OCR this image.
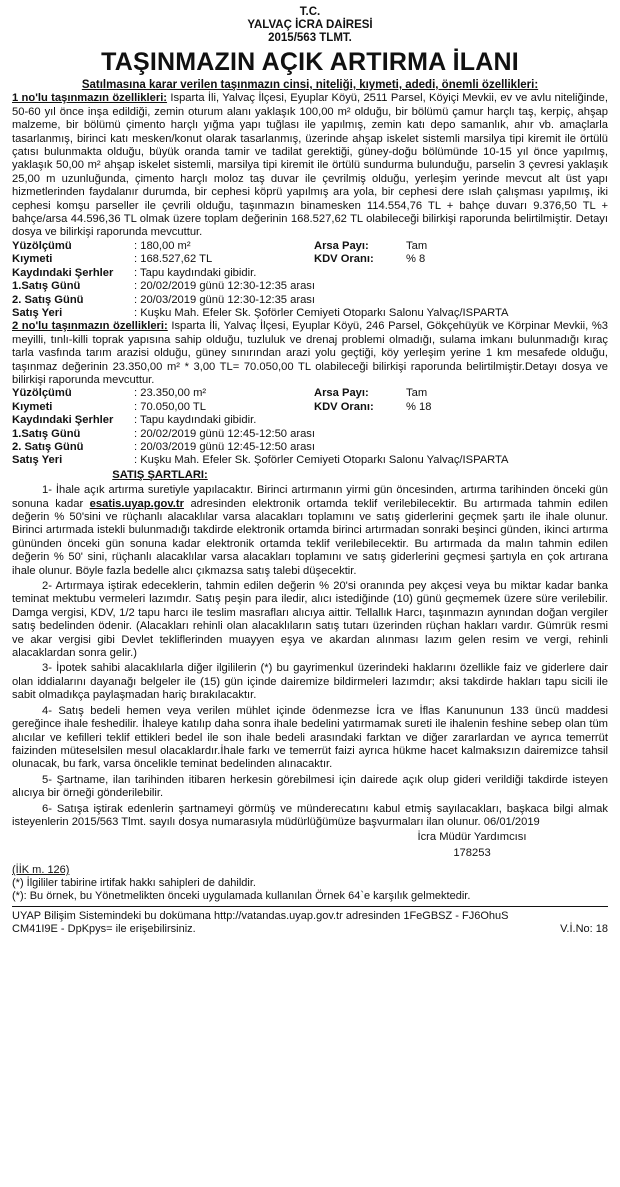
T.C.
YALVAÇ İCRA DAİRESİ
2015/563 TLMT.
TAŞINMAZIN AÇIK ARTIRMA İLANI
Satılmasına karar verilen taşınmazın cinsi, niteliği, kıymeti, adedi, önemli özellikleri:
1 no'lu taşınmazın özellikleri: Isparta İli, Yalvaç İlçesi, Eyuplar Köyü, 2511 Parsel, Köyiçi Mevkii, ev ve avlu niteliğinde, 50-60 yıl önce inşa edildiği, zemin oturum alanı yaklaşık 100,00 m² olduğu, bir bölümü çamur harçlı taş, kerpiç, ahşap malzeme, bir bölümü çimento harçlı yığma yapı tuğlası ile yapılmış, zemin katı depo samanlık, ahır vb. amaçlarla tasarlanmış, birinci katı mesken/konut olarak tasarlanmış, üzerinde ahşap iskelet sistemli marsilya tipi kiremit ile örtülü çatısı bulunmakta olduğu, büyük oranda tamir ve tadilat gerektiği, güney-doğu bölümünde 10-15 yıl önce yapılmış, yaklaşık 50,00 m² ahşap iskelet sistemli, marsilya tipi kiremit ile örtülü sundurma bulunduğu, parselin 3 çevresi yaklaşık 25,00 m uzunluğunda, çimento harçlı moloz taş duvar ile çevrilmiş olduğu, yerleşim yerinde mevcut alt üst yapı hizmetlerinden faydalanır durumda, bir cephesi köprü yapılmış ara yola, bir cephesi dere ıslah çalışması yapılmış, iki cephesi komşu parseller ile çevrili olduğu, taşınmazın binamesken 114.554,76 TL + bahçe duvarı 9.376,50 TL + bahçe/arsa 44.596,36 TL olmak üzere toplam değerinin 168.527,62 TL olabileceği bilirkişi raporunda belirtilmiştir. Detayı dosya ve bilirkişi raporunda mevcuttur.
Yüzölçümü	: 180,00 m²	Arsa Payı:	Tam
Kıymeti	: 168.527,62 TL	KDV Oranı:	% 8
Kaydındaki Şerhler	: Tapu kaydındaki gibidir.
1.Satış Günü	: 20/02/2019 günü 12:30-12:35 arası
2. Satış Günü	: 20/03/2019 günü 12:30-12:35 arası
Satış Yeri	: Kuşku Mah. Efeler Sk. Şoförler Cemiyeti Otoparkı Salonu Yalvaç/ISPARTA
2 no'lu taşınmazın özellikleri: Isparta İli, Yalvaç İlçesi, Eyuplar Köyü, 246 Parsel, Gökçehüyük ve Körpinar Mevkii, %3 meyilli, tınlı-killi toprak yapısına sahip olduğu, tuzluluk ve drenaj problemi olmadığı, sulama imkanı bulunmadığı kıraç tarla vasfında tarım arazisi olduğu, güney sınırından arazi yolu geçtiği, köy yerleşim yerine 1 km mesafede olduğu, taşınmaz değerinin 23.350,00 m² * 3,00 TL= 70.050,00 TL olabileceği bilirkişi raporunda belirtilmiştir.Detayı dosya ve bilirkişi raporunda mevcuttur.
Yüzölçümü	: 23.350,00 m²	Arsa Payı:	Tam
Kıymeti	: 70.050,00 TL	KDV Oranı:	% 18
Kaydındaki Şerhler	: Tapu kaydındaki gibidir.
1.Satış Günü	: 20/02/2019 günü 12:45-12:50 arası
2. Satış Günü	: 20/03/2019 günü 12:45-12:50 arası
Satış Yeri	: Kuşku Mah. Efeler Sk. Şoförler Cemiyeti Otoparkı Salonu Yalvaç/ISPARTA
SATIŞ ŞARTLARI:
1- İhale açık artırma suretiyle yapılacaktır. Birinci artırmanın yirmi gün öncesinden, artırma tarihinden önceki gün sonuna kadar esatis.uyap.gov.tr adresinden elektronik ortamda teklif verilebilecektir. Bu artırmada tahmin edilen değerin % 50'sini ve rüçhanlı alacaklılar varsa alacakları toplamını ve satış giderlerini geçmek şartı ile ihale olunur. Birinci artırmada istekli bulunmadığı takdirde elektronik ortamda birinci artırmadan sonraki beşinci günden, ikinci artırma gününden önceki gün sonuna kadar elektronik ortamda teklif verilebilecektir. Bu artırmada da malın tahmin edilen değerin % 50' sini, rüçhanlı alacaklılar varsa alacakları toplamını ve satış giderlerini geçmesi şartıyla en çok artırana ihale olunur. Böyle fazla bedelle alıcı çıkmazsa satış talebi düşecektir.
2- Artırmaya iştirak edeceklerin, tahmin edilen değerin % 20'si oranında pey akçesi veya bu miktar kadar banka teminat mektubu vermeleri lazımdır. Satış peşin para iledir, alıcı istediğinde (10) günü geçmemek üzere süre verilebilir. Damga vergisi, KDV, 1/2 tapu harcı ile teslim masrafları alıcıya aittir. Tellallık Harcı, taşınmazın aynından doğan vergiler satış bedelinden ödenir. (Alacakları rehinli olan alacaklıların satış tutarı üzerinden rüçhan hakları vardır. Gümrük resmi ve akar vergisi gibi Devlet tekliflerinden muayyen eşya ve akardan alınması lazım gelen resim ve vergi, rehinli alacaklardan sonra gelir.)
3- İpotek sahibi alacaklılarla diğer ilgililerin (*) bu gayrimenkul üzerindeki haklarını özellikle faiz ve giderlere dair olan iddialarını dayanağı belgeler ile (15) gün içinde dairemize bildirmeleri lazımdır; aksi takdirde hakları tapu sicili ile sabit olmadıkça paylaşmadan hariç bırakılacaktır.
4- Satış bedeli hemen veya verilen mühlet içinde ödenmezse İcra ve İflas Kanununun 133 üncü maddesi gereğince ihale feshedilir. İhaleye katılıp daha sonra ihale bedelini yatırmamak sureti ile ihalenin feshine sebep olan tüm alıcılar ve kefilleri teklif ettikleri bedel ile son ihale bedeli arasındaki farktan ve diğer zararlardan ve ayrıca temerrüt faizinden müteselsilen mesul olacaklardır.İhale farkı ve temerrüt faizi ayrıca hükme hacet kalmaksızın dairemizce tahsil olunacak, bu fark, varsa öncelikle teminat bedelinden alınacaktır.
5- Şartname, ilan tarihinden itibaren herkesin görebilmesi için dairede açık olup gideri verildiği takdirde isteyen alıcıya bir örneği gönderilebilir.
6- Satışa iştirak edenlerin şartnameyi görmüş ve münderecatını kabul etmiş sayılacakları, başkaca bilgi almak isteyenlerin 2015/563 Tlmt. sayılı dosya numarasıyla müdürlüğümüze başvurmaları ilan olunur. 06/01/2019
İcra Müdür Yardımcısı
178253
(İİK m. 126)
(*) İlgililer tabirine irtifak hakkı sahipleri de dahildir.
(*): Bu örnek, bu Yönetmelikten önceki uygulamada kullanılan Örnek 64`e karşılık gelmektedir.
UYAP Bilişim Sistemindeki bu dokümana http://vatandas.uyap.gov.tr adresinden 1FeGBSZ - FJ6OhuS
CM41I9E - DpKpys= ile erişebilirsiniz.	V.İ.No: 18
